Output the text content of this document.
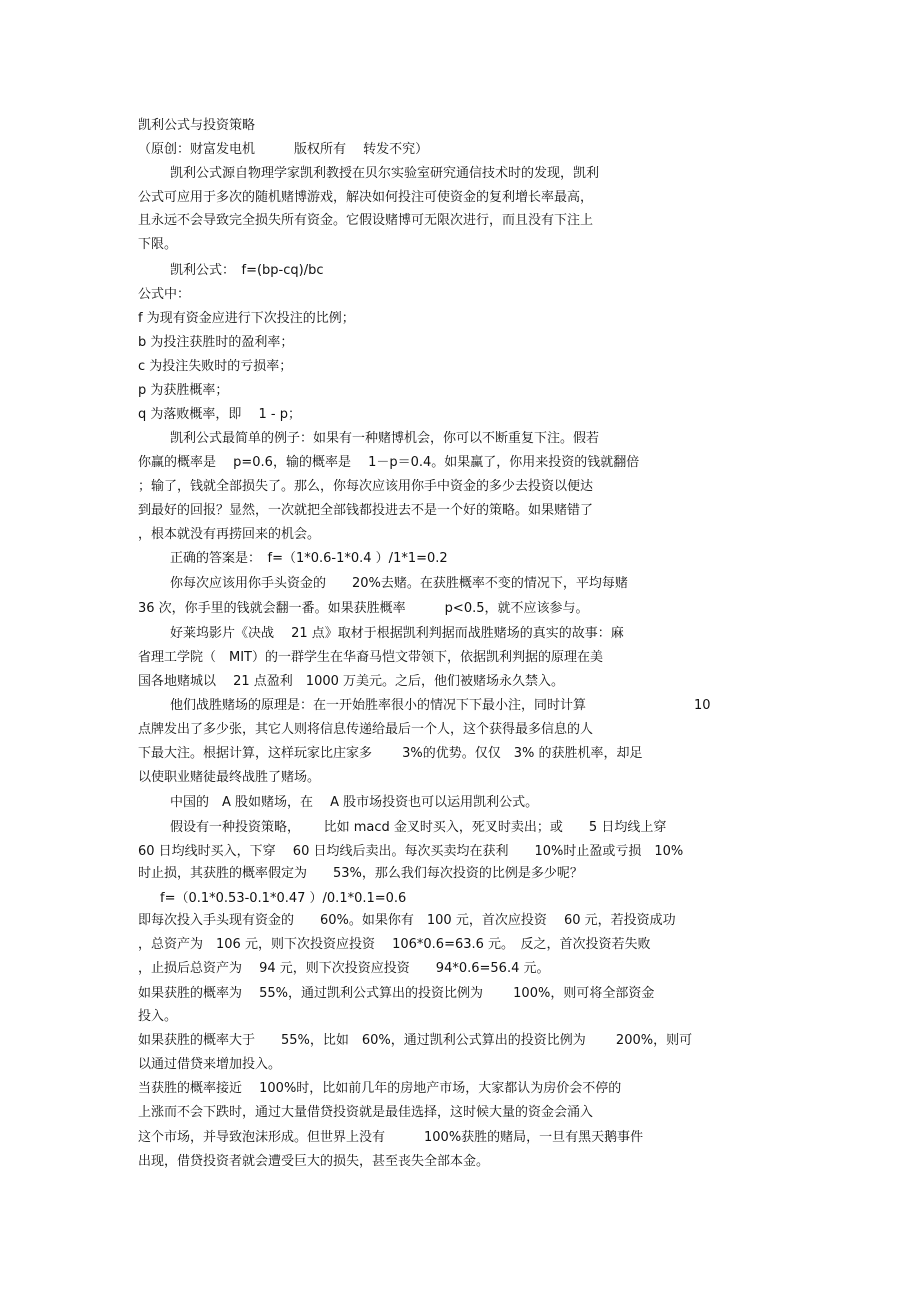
凯利公式与投资策略
（原创：财富发电机　　　版权所有　 转发不究）
凯利公式源自物理学家凯利教授在贝尔实验室研究通信技术时的发现，凯利
公式可应用于多次的随机赌博游戏，解决如何投注可使资金的复利增长率最高，
且永远不会导致完全损失所有资金。它假设赌博可无限次进行，而且没有下注上
下限。
凯利公式：　f=(bp-cq)/bc
公式中：
f 为现有资金应进行下次投注的比例；
b 为投注获胜时的盈利率；
c 为投注失败时的亏损率；
p 为获胜概率；
q 为落败概率，即　 1 - p；
凯利公式最简单的例子：如果有一种赌博机会，你可以不断重复下注。假若
你赢的概率是　 p=0.6，输的概率是　 1－p＝0.4。如果赢了，你用来投资的钱就翻倍
；输了，钱就全部损失了。那么，你每次应该用你手中资金的多少去投资以便达
到最好的回报？显然，一次就把全部钱都投进去不是一个好的策略。如果赌错了
，根本就没有再捞回来的机会。
正确的答案是：　f=（1*0.6-1*0.4 ）/1*1=0.2
你每次应该用你手头资金的　　20%去赌。在获胜概率不变的情况下，平均每赌
36 次，你手里的钱就会翻一番。如果获胜概率　　　p<0.5，就不应该参与。
好莱坞影片《决战　 21 点》取材于根据凯利判据而战胜赌场的真实的故事：麻
省理工学院（　MIT）的一群学生在华裔马恺文带领下，依据凯利判据的原理在美
国各地赌城以　 21 点盈利　1000 万美元。之后，他们被赌场永久禁入。
他们战胜赌场的原理是：在一开始胜率很小的情况下下最小注，同时计算	10
点牌发出了多少张，其它人则将信息传递给最后一个人，这个获得最多信息的人
下最大注。根据计算，这样玩家比庄家多　　 3%的优势。仅仅　3% 的获胜机率，却足
以使职业赌徒最终战胜了赌场。
中国的　A 股如赌场，在　 A 股市场投资也可以运用凯利公式。
假设有一种投资策略，　　 比如 macd 金叉时买入，死叉时卖出；或　　5 日均线上穿
60 日均线时买入，下穿　 60 日均线后卖出。每次买卖均在获利　　10%时止盈或亏损　10%
时止损，其获胜的概率假定为　　53%，那么我们每次投资的比例是多少呢？
f=（0.1*0.53-0.1*0.47 ）/0.1*0.1=0.6
即每次投入手头现有资金的　　60%。如果你有　100 元，首次应投资　 60 元，若投资成功
，总资产为　106 元，则下次投资应投资　 106*0.6=63.6 元。　反之，首次投资若失败
，止损后总资产为　 94 元，则下次投资应投资　　94*0.6=56.4 元。
如果获胜的概率为　 55%，通过凯利公式算出的投资比例为　　 100%，则可将全部资金
投入。
如果获胜的概率大于　　55%，比如　60%，通过凯利公式算出的投资比例为　　 200%，则可
以通过借贷来增加投入。
当获胜的概率接近　 100%时，比如前几年的房地产市场，大家都认为房价会不停的
上涨而不会下跌时，通过大量借贷投资就是最佳选择，这时候大量的资金会涌入
这个市场，并导致泡沫形成。但世界上没有　　　100%获胜的赌局，一旦有黑天鹅事件
出现，借贷投资者就会遭受巨大的损失，甚至丧失全部本金。
